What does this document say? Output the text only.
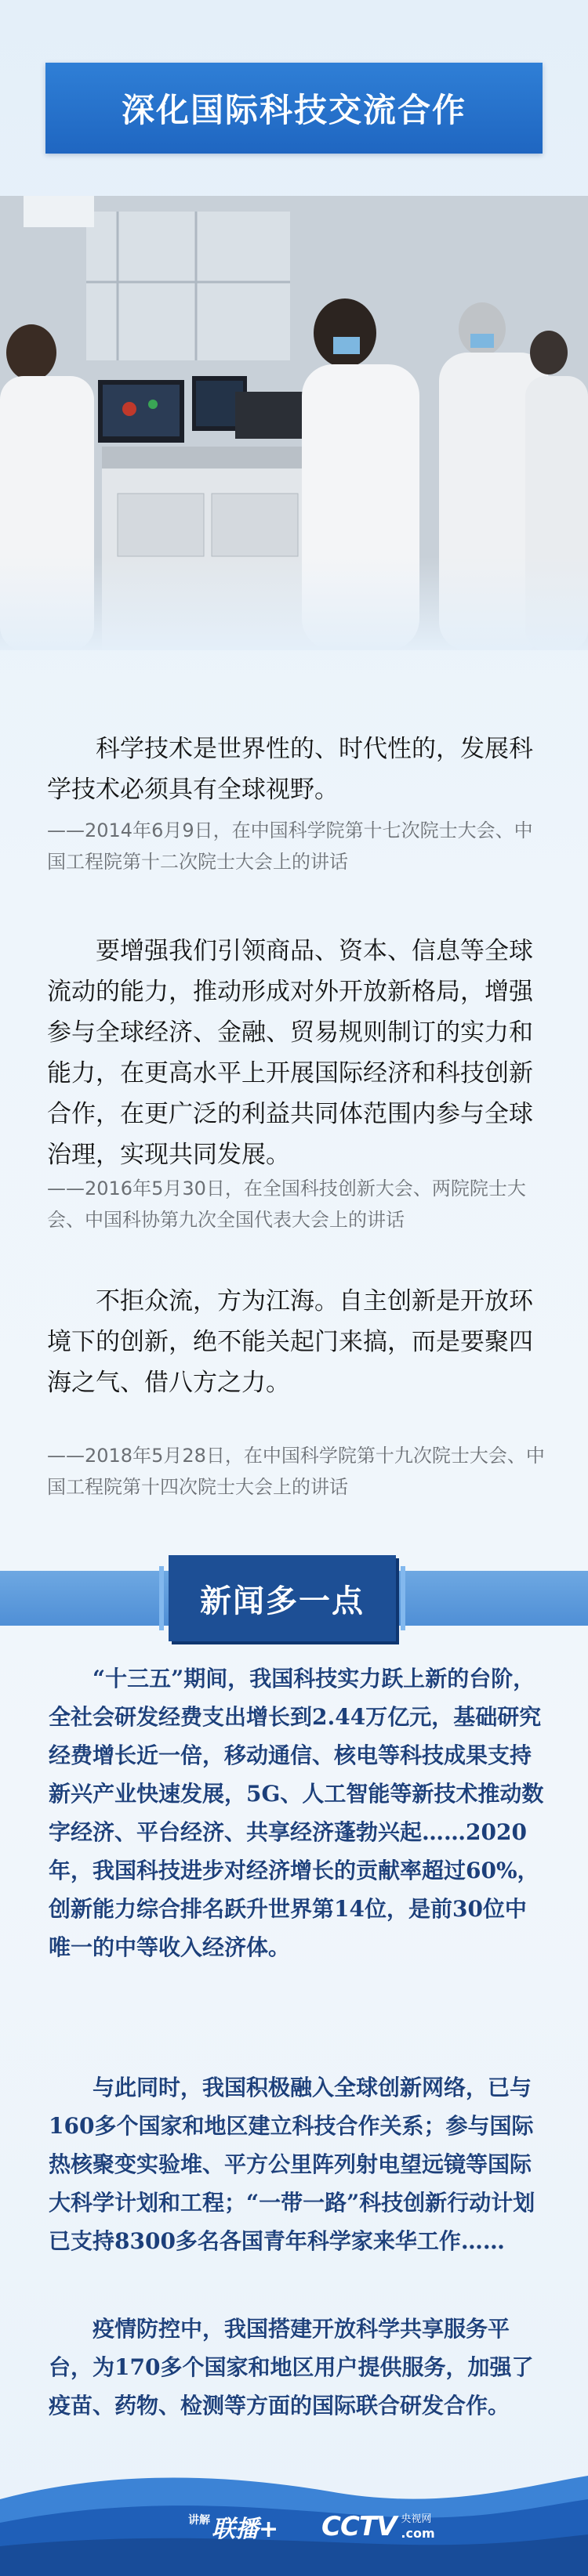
深化国际科技交流合作
科学技术是世界性的、时代性的，发展科学技术必须具有全球视野。
——2014年6月9日，在中国科学院第十七次院士大会、中国工程院第十二次院士大会上的讲话
要增强我们引领商品、资本、信息等全球流动的能力，推动形成对外开放新格局，增强参与全球经济、金融、贸易规则制订的实力和能力，在更高水平上开展国际经济和科技创新合作，在更广泛的利益共同体范围内参与全球治理，实现共同发展。
——2016年5月30日，在全国科技创新大会、两院院士大会、中国科协第九次全国代表大会上的讲话
不拒众流，方为江海。自主创新是开放环境下的创新，绝不能关起门来搞，而是要聚四海之气、借八方之力。
——2018年5月28日，在中国科学院第十九次院士大会、中国工程院第十四次院士大会上的讲话
新闻多一点
“十三五”期间，我国科技实力跃上新的台阶，全社会研发经费支出增长到2.44万亿元，基础研究经费增长近一倍，移动通信、核电等科技成果支持新兴产业快速发展，5G、人工智能等新技术推动数字经济、平台经济、共享经济蓬勃兴起……2020年，我国科技进步对经济增长的贡献率超过60%，创新能力综合排名跃升世界第14位，是前30位中唯一的中等收入经济体。
与此同时，我国积极融入全球创新网络，已与160多个国家和地区建立科技合作关系；参与国际热核聚变实验堆、平方公里阵列射电望远镜等国际大科学计划和工程；“一带一路”科技创新行动计划已支持8300多名各国青年科学家来华工作……
疫情防控中，我国搭建开放科学共享服务平台，为170多个国家和地区用户提供服务，加强了疫苗、药物、检测等方面的国际联合研发合作。
讲解 联播+ CCTV 央视网
.com
